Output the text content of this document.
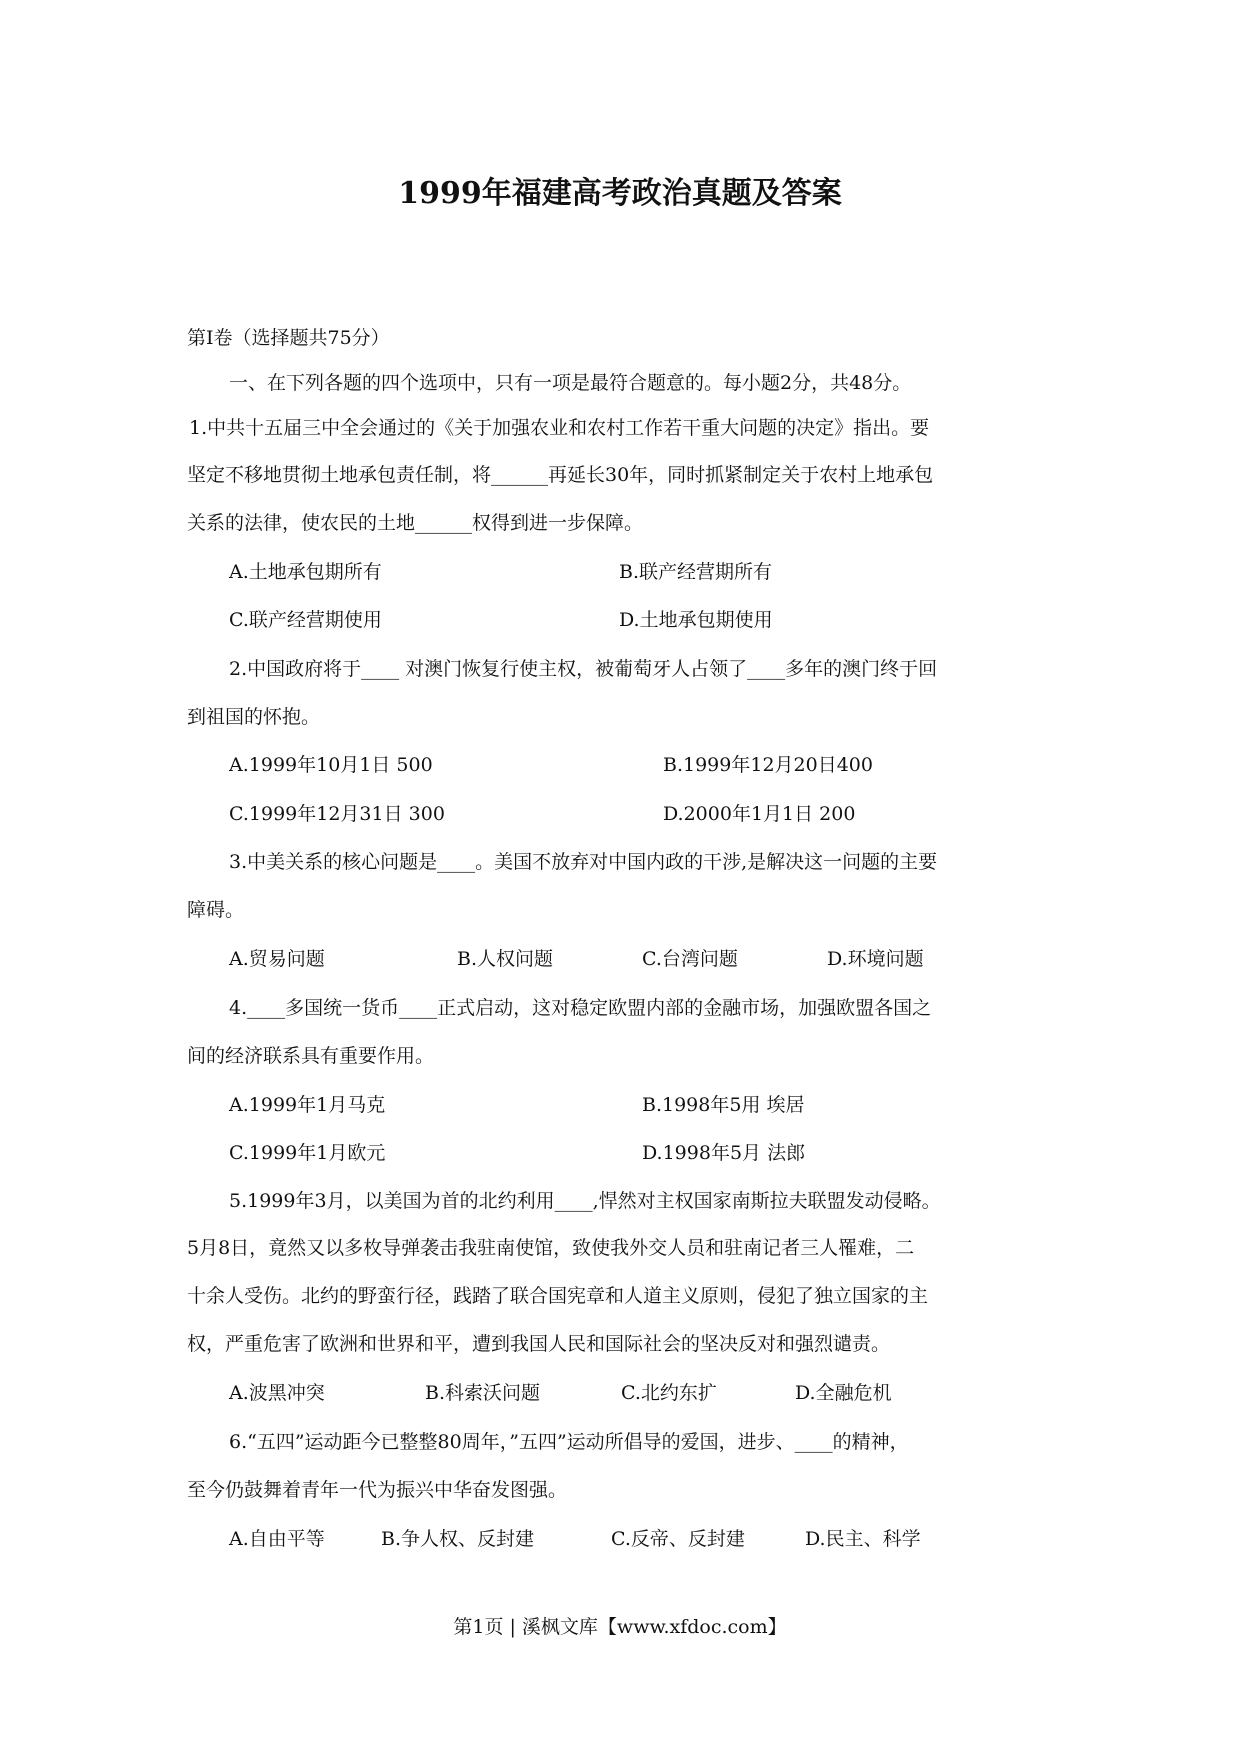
1999年福建高考政治真题及答案
第Ⅰ卷（选择题共75分）
一、在下列各题的四个选项中，只有一项是最符合题意的。每小题2分，共48分。
1.中共十五届三中全会通过的《关于加强农业和农村工作若干重大问题的决定》指出。要
坚定不移地贯彻土地承包责任制，将______再延长30年，同时抓紧制定关于农村上地承包
关系的法律，使农民的土地______权得到进一步保障。
A.土地承包期所有	B.联产经营期所有
C.联产经营期使用	D.土地承包期使用
2.中国政府将于____ 对澳门恢复行使主权，被葡萄牙人占领了____多年的澳门终于回
到祖国的怀抱。
A.1999年10月1日 500	B.1999年12月20日400
C.1999年12月31日 300	D.2000年1月1日 200
3.中美关系的核心问题是____。美国不放弃对中国内政的干涉,是解决这一问题的主要
障碍。
A.贸易问题	B.人权问题	C.台湾问题	D.环境问题
4.____多国统一货币____正式启动，这对稳定欧盟内部的金融市场，加强欧盟各国之
间的经济联系具有重要作用。
A.1999年1月马克	B.1998年5用 埃居
C.1999年1月欧元	D.1998年5月 法郎
5.1999年3月，以美国为首的北约利用____,悍然对主权国家南斯拉夫联盟发动侵略。
5月8日，竟然又以多枚导弹袭击我驻南使馆，致使我外交人员和驻南记者三人罹难，二
十余人受伤。北约的野蛮行径，践踏了联合国宪章和人道主义原则，侵犯了独立国家的主
权，严重危害了欧洲和世界和平，遭到我国人民和国际社会的坚决反对和强烈谴责。
A.波黑冲突	B.科索沃问题	C.北约东扩	D.全融危机
6.“五四”运动距今已整整80周年，”五四”运动所倡导的爱国，进步、____的精神，
至今仍鼓舞着青年一代为振兴中华奋发图强。
A.自由平等	B.争人权、反封建	C.反帝、反封建	D.民主、科学
第1页 | 溪枫文库【www.xfdoc.com】
